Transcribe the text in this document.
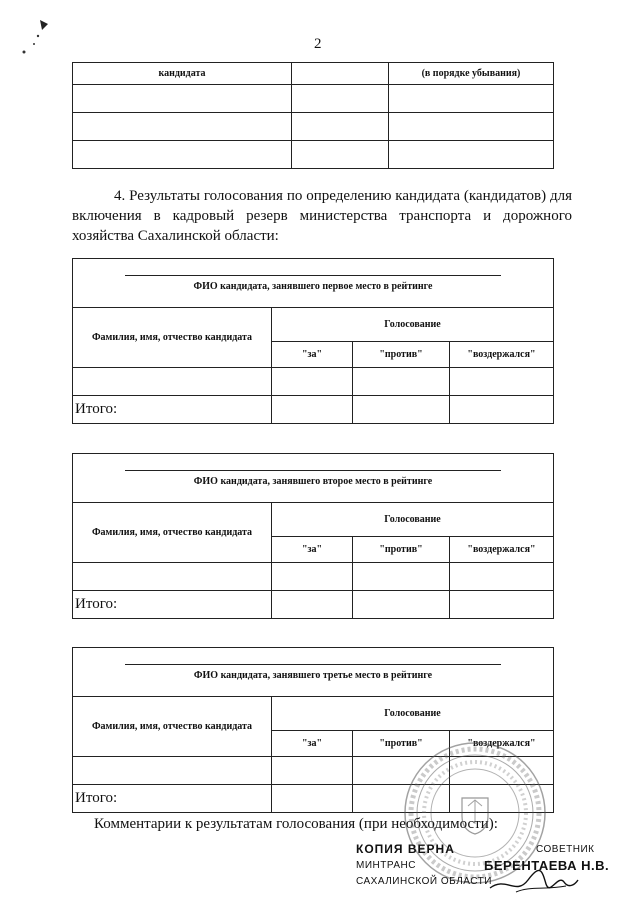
2
кандидата		(в порядке убывания)

4. Результаты голосования по определению кандидата (кандидатов) для включения в кадровый резерв министерства транспорта и дорожного хозяйства Сахалинской области:
ФИО кандидата, занявшего первое место в рейтинге			

Фамилия, имя, отчество кандидата	Голосование		
	"за"	"против"	"воздержался"

Итого:			
ФИО кандидата, занявшего второе место в рейтинге			

Фамилия, имя, отчество кандидата	Голосование		
	"за"	"против"	"воздержался"

Итого:			
ФИО кандидата, занявшего третье место в рейтинге			

Фамилия, имя, отчество кандидата	Голосование		
	"за"	"против"	"воздержался"

Итого:			
Комментарии к результатам голосования (при необходимости):
КОПИЯ ВЕРНА
МИНТРАНС
САХАЛИНСКОЙ ОБЛАСТИ
СОВЕТНИК
БЕРЕНТАЕВА Н.В.
